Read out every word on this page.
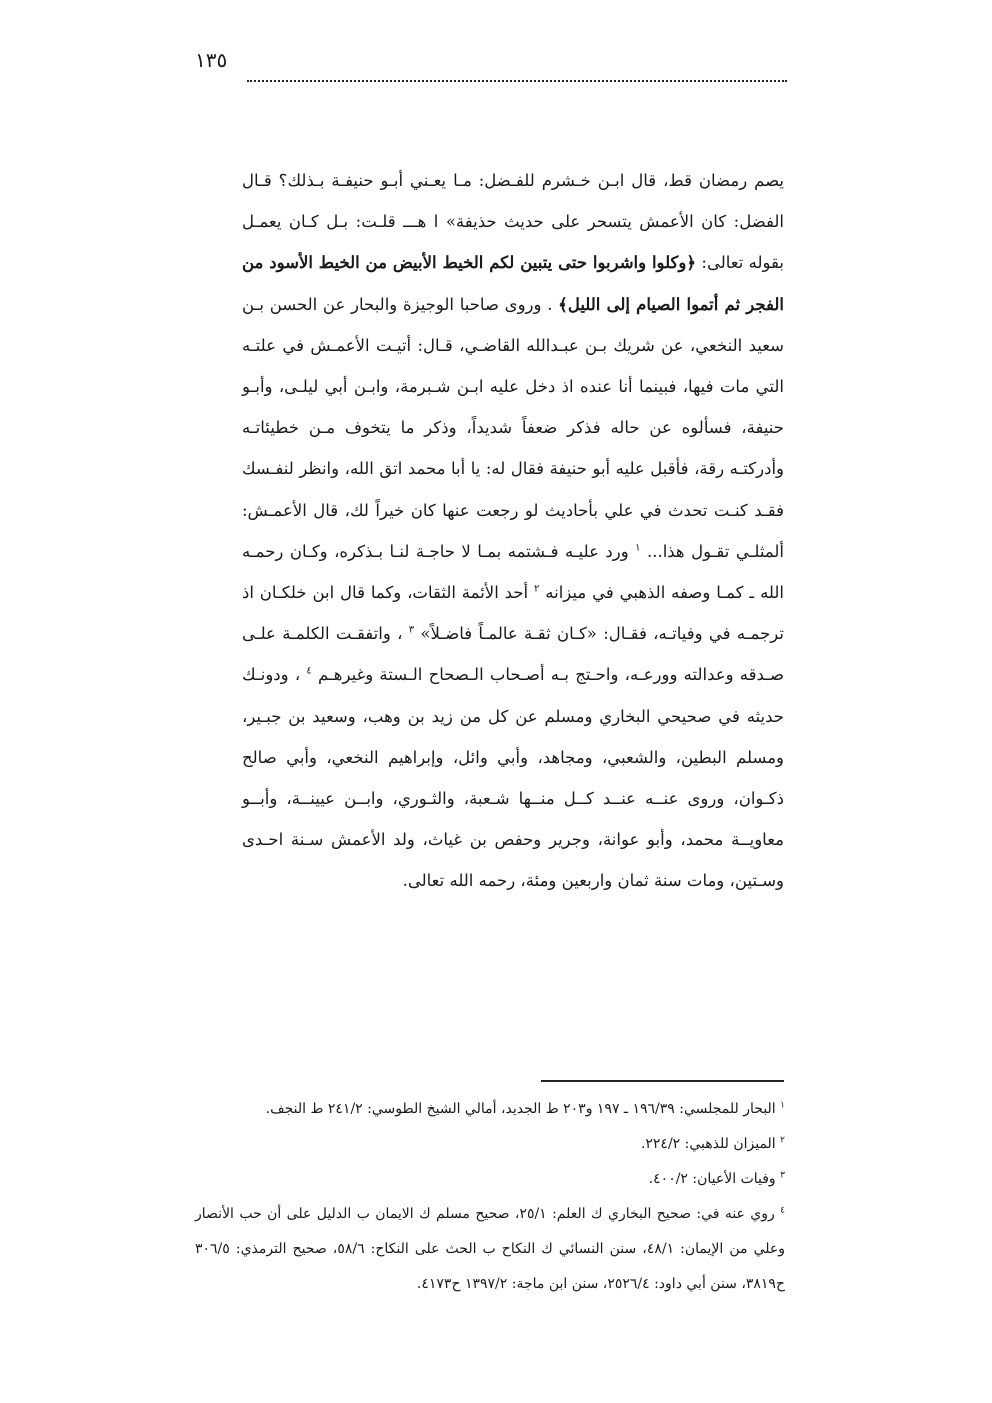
١٣٥

يصم رمضان قط، قال ابـن خـشرم للفـضل: مـا يعـني أبـو حنيفـة بـذلك؟ قـال الفضل: كان الأعمش يتسحر على حديث حذيفة» ا هـــ قلـت: بـل كـان يعمـل بقوله تعالى: ﴿وكلوا واشربوا حتى يتبين لكم الخيط الأبيض من الخيط الأسود من الفجر ثم أتموا الصيام إلى الليل﴾ . وروى صاحبا الوجيزة والبحار عن الحسن بـن سعيد النخعي، عن شريك بـن عبـدالله القاضـي، قـال: أتيـت الأعمـش في علتـه التي مات فيها، فبينما أنا عنده اذ دخل عليه ابـن شـبرمة، وابـن أبي ليلـى، وأبـو حنيفة، فسألوه عن حاله فذكر ضعفاً شديداً، وذكر ما يتخوف مـن خطيئاتـه وأدركتـه رقة، فأقبل عليه أبو حنيفة فقال له: يا أبا محمد اتق الله، وانظر لنفـسك فقـد كنـت تحدث في علي بأحاديث لو رجعت عنها كان خيراً لك، قال الأعمـش: ألمثلـي تقـول هذا... $^١$ ورد عليـه فـشتمه بمـا لا حاجـة لنـا بـذكره، وكـان رحمـه الله ـ كمـا وصفه الذهبي في ميزانه $^٢$ أحد الأئمة الثقات، وكما قال ابن خلكـان اذ ترجمـه في وفياتـه، فقـال: «كـان ثقـة عالمـاً فاضـلاً» $^٣$ ، واتفقـت الكلمـة علـى صـدقه وعدالته وورعـه، واحـتج بـه أصـحاب الـصحاح الـستة وغيرهـم $^٤$ ، ودونـك حديثه في صحيحي البخاري ومسلم عن كل من زيد بن وهب، وسعيد بن جبـير، ومسلم البطين، والشعبي، ومجاهد، وأبي وائل، وإبراهيم النخعي، وأبي صالح ذكـوان، وروى عنــه عنــد كــل منــها شـعبة، والثـوري، وابــن عيينــة، وأبــو معاويــة محمد، وأبو عوانة، وجرير وحفص بن غياث، ولد الأعمش سـنة احـدى وسـتين، ومات سنة ثمان واربعين ومئة، رحمه الله تعالى.

$^١$ البحار للمجلسي: ١٩٦/٣٩ ـ ١٩٧ و٢٠٣ ط الجديد، أمالي الشيخ الطوسي: ٢٤١/٢ ط النجف.

$^٢$ الميزان للذهبي: ٢٢٤/٢.

$^٣$ وفيات الأعيان: ٤٠٠/٢.

$^٤$ روي عنه في: صحيح البخاري ك العلم: ٢٥/١، صحيح مسلم ك الايمان ب الدليل على أن حب الأنصار وعلي من الإيمان: ٤٨/١، سنن النسائي ك النكاح ب الحث على النكاح: ٥٨/٦، صحيح الترمذي: ٣٠٦/٥ ح٣٨١٩، سنن أبي داود: ٢٥٢٦/٤، سنن ابن ماجة: ١٣٩٧/٢ ح٤١٧٣.
